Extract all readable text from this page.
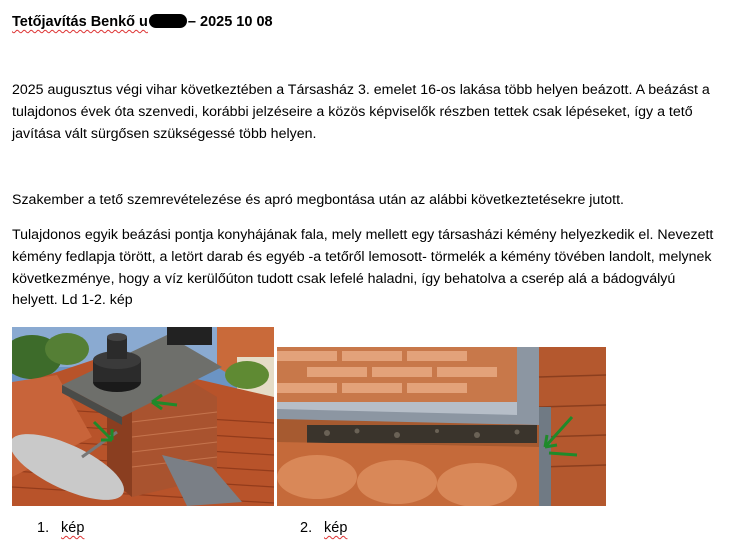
Tetőjavítás Benkő u	– 2025 10 08
2025 augusztus végi vihar következtében a Társasház 3. emelet 16-os lakása több helyen beázott. A beázást a tulajdonos évek óta szenvedi, korábbi jelzéseire a közös képviselők részben tettek csak lépéseket, így a tető javítása vált sürgősen szükségessé több helyen.
Szakember a tető szemrevételezése és apró megbontása után az alábbi következtetésekre jutott.
Tulajdonos egyik beázási pontja konyhájának fala, mely mellett egy társasházi kémény helyezkedik el. Nevezett kémény fedlapja törött, a letört darab és egyéb -a tetőről lemosott- törmelék a kémény tövében landolt, melynek következménye, hogy a víz kerülőúton tudott csak lefelé haladni, így behatolva a cserép alá a bádogvályú helyett. Ld 1-2. kép
1. kép	2. kép
